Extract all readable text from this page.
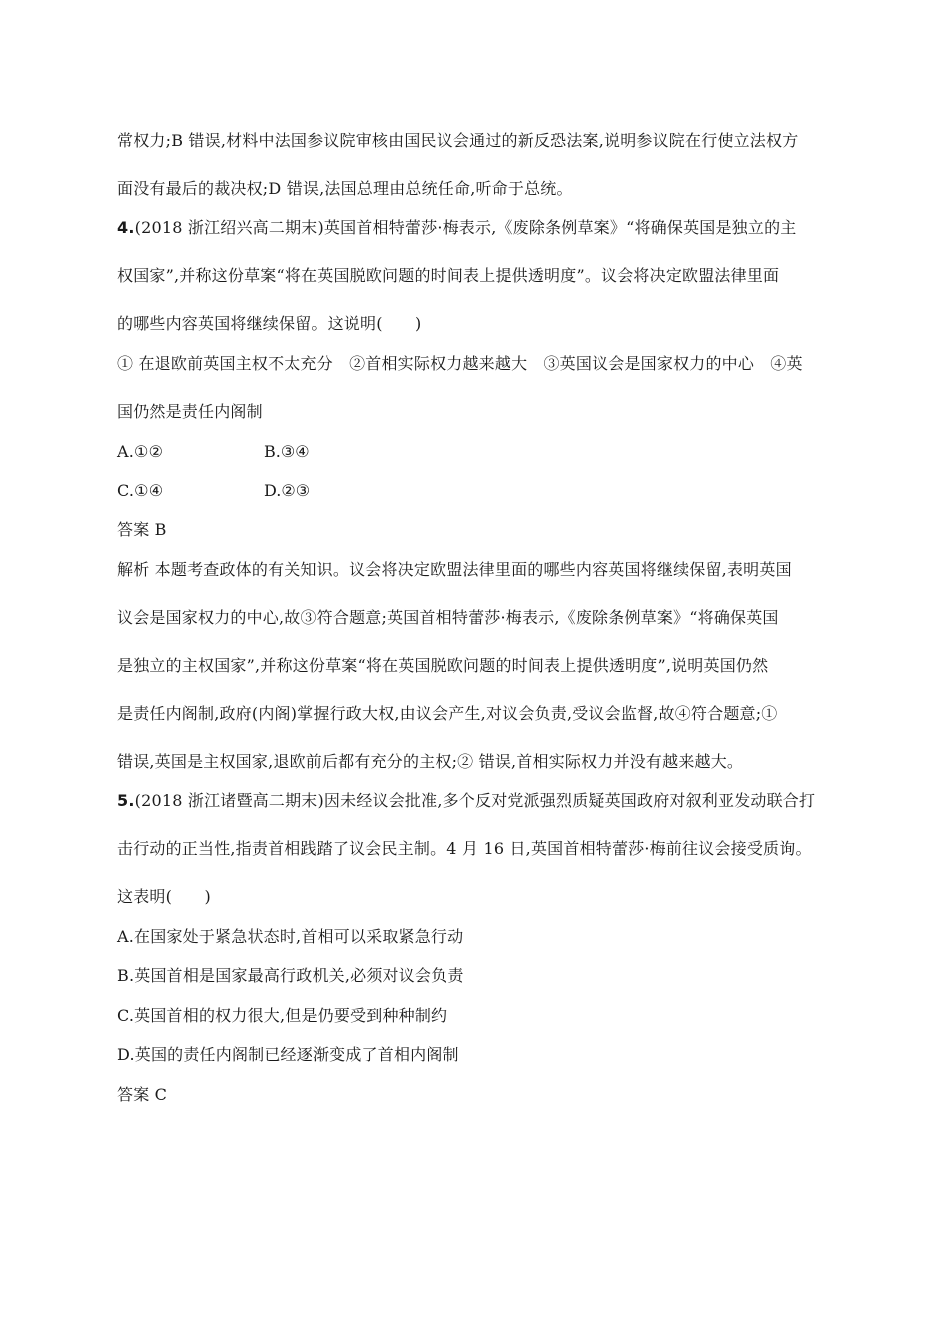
常权力;B 错误,材料中法国参议院审核由国民议会通过的新反恐法案,说明参议院在行使立法权方
面没有最后的裁决权;D 错误,法国总理由总统任命,听命于总统。
4.(2018 浙江绍兴高二期末)英国首相特蕾莎·梅表示,《废除条例草案》“将确保英国是独立的主
权国家”,并称这份草案“将在英国脱欧问题的时间表上提供透明度”。议会将决定欧盟法律里面
的哪些内容英国将继续保留。这说明(　　)
① 在退欧前英国主权不太充分　②首相实际权力越来越大　③英国议会是国家权力的中心　④英
国仍然是责任内阁制
A.①②	B.③④
C.①④	D.②③
答案 B
解析 本题考查政体的有关知识。议会将决定欧盟法律里面的哪些内容英国将继续保留,表明英国
议会是国家权力的中心,故③符合题意;英国首相特蕾莎·梅表示,《废除条例草案》“将确保英国
是独立的主权国家”,并称这份草案“将在英国脱欧问题的时间表上提供透明度”,说明英国仍然
是责任内阁制,政府(内阁)掌握行政大权,由议会产生,对议会负责,受议会监督,故④符合题意;①
错误,英国是主权国家,退欧前后都有充分的主权;② 错误,首相实际权力并没有越来越大。
5.(2018 浙江诸暨高二期末)因未经议会批准,多个反对党派强烈质疑英国政府对叙利亚发动联合打
击行动的正当性,指责首相践踏了议会民主制。4 月 16 日,英国首相特蕾莎·梅前往议会接受质询。
这表明(　　)
A.在国家处于紧急状态时,首相可以采取紧急行动
B.英国首相是国家最高行政机关,必须对议会负责
C.英国首相的权力很大,但是仍要受到种种制约
D.英国的责任内阁制已经逐渐变成了首相内阁制
答案 C
